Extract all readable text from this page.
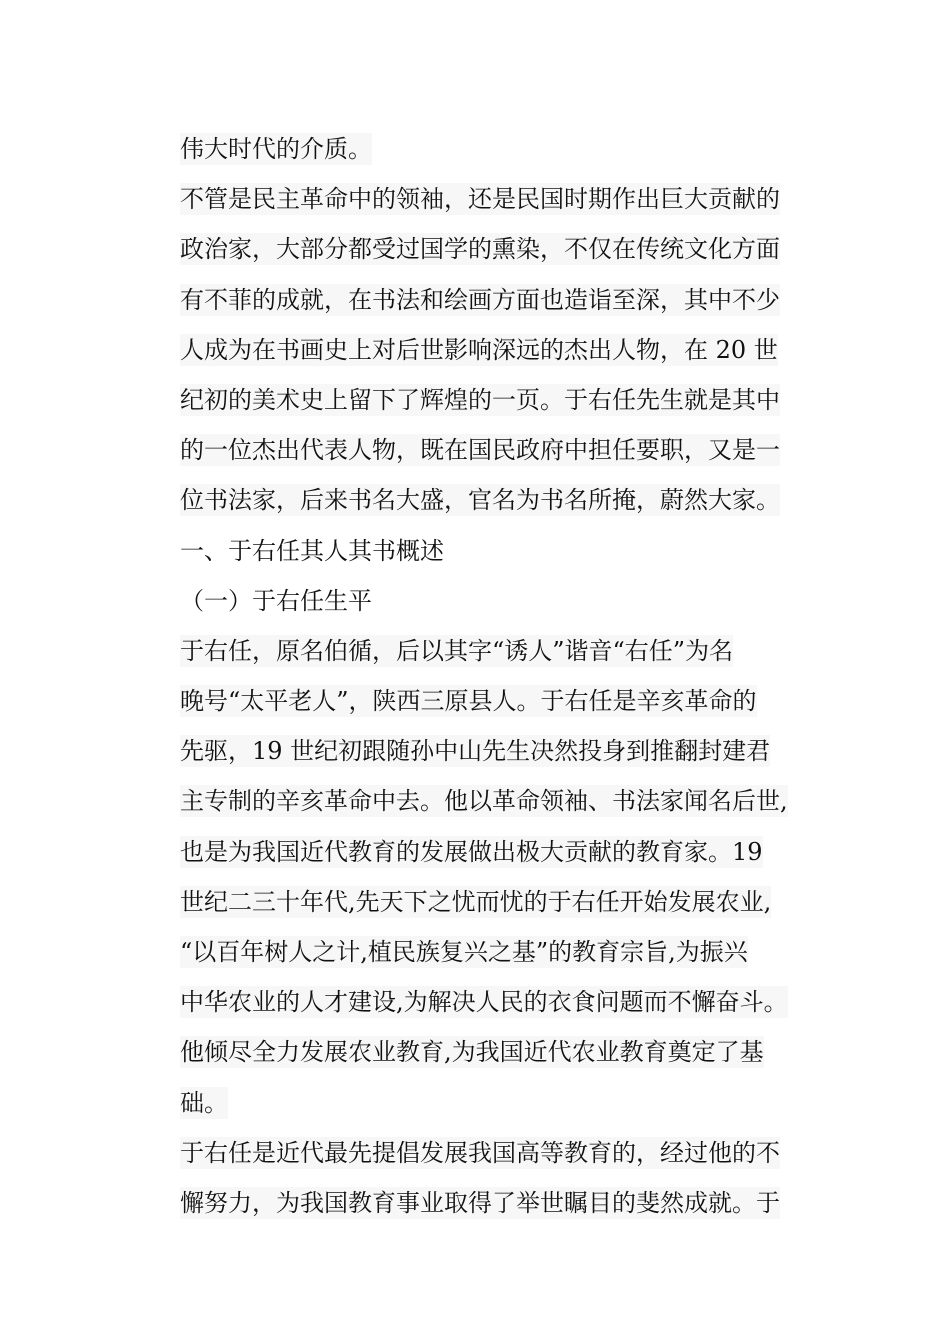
伟大时代的介质。
不管是民主革命中的领袖，还是民国时期作出巨大贡献的
政治家，大部分都受过国学的熏染，不仅在传统文化方面
有不菲的成就，在书法和绘画方面也造诣至深，其中不少
人成为在书画史上对后世影响深远的杰出人物，在 20 世
纪初的美术史上留下了辉煌的一页。于右任先生就是其中
的一位杰出代表人物，既在国民政府中担任要职，又是一
位书法家，后来书名大盛，官名为书名所掩，蔚然大家。
一、于右任其人其书概述
（一）于右任生平
于右任，原名伯循，后以其字“诱人”谐音“右任”为名
晚号“太平老人”，陕西三原县人。于右任是辛亥革命的
先驱，19 世纪初跟随孙中山先生决然投身到推翻封建君
主专制的辛亥革命中去。他以革命领袖、书法家闻名后世,
也是为我国近代教育的发展做出极大贡献的教育家。19
世纪二三十年代,先天下之忧而忧的于右任开始发展农业,
“以百年树人之计,植民族复兴之基”的教育宗旨,为振兴
中华农业的人才建设,为解决人民的衣食问题而不懈奋斗。
他倾尽全力发展农业教育,为我国近代农业教育奠定了基
础。
于右任是近代最先提倡发展我国高等教育的，经过他的不
懈努力，为我国教育事业取得了举世瞩目的斐然成就。于
